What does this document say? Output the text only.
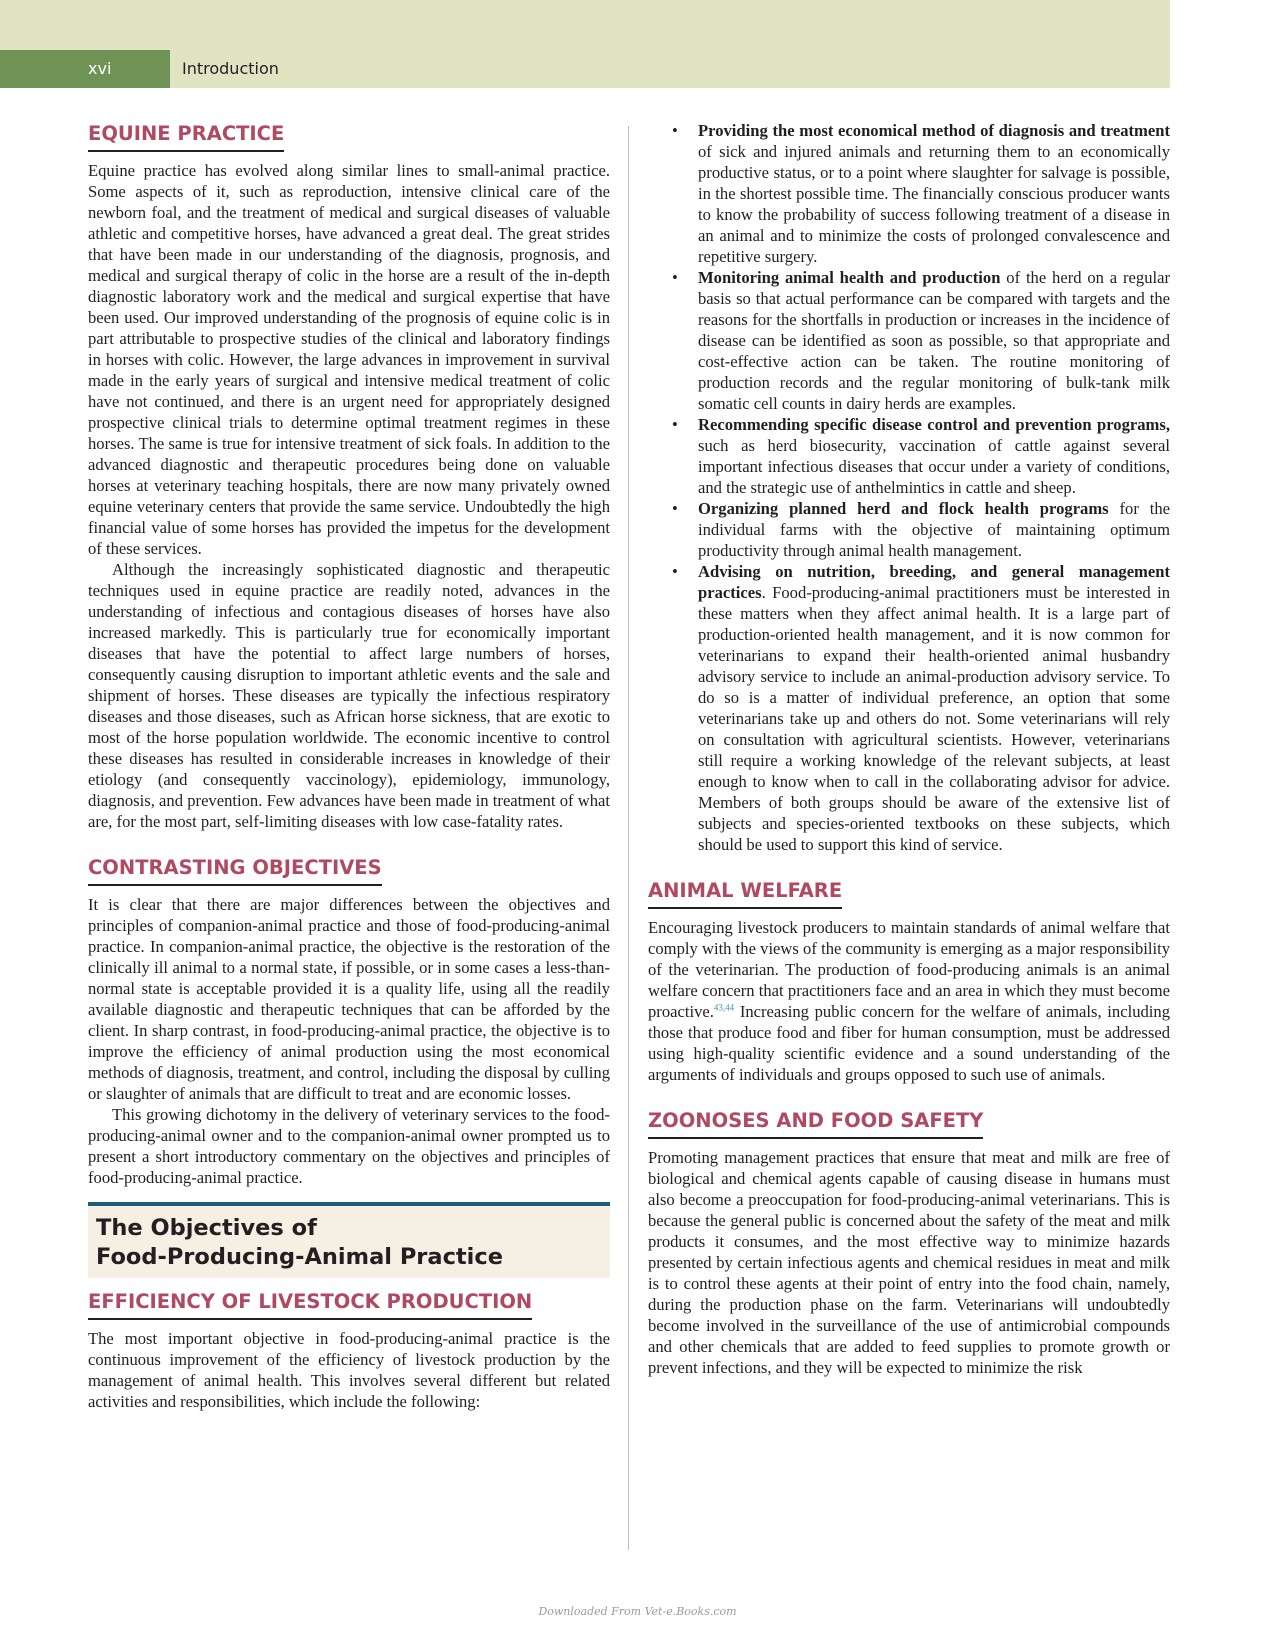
xvi	Introduction
EQUINE PRACTICE

Equine practice has evolved along similar lines to small-animal practice. Some aspects of it, such as reproduction, intensive clinical care of the newborn foal, and the treatment of medical and surgical diseases of valuable athletic and competitive horses, have advanced a great deal. The great strides that have been made in our understanding of the diagnosis, prognosis, and medical and surgical therapy of colic in the horse are a result of the in-depth diagnostic laboratory work and the medical and surgical expertise that have been used. Our improved understanding of the prognosis of equine colic is in part attributable to prospective studies of the clinical and laboratory findings in horses with colic. However, the large advances in improvement in survival made in the early years of surgical and intensive medical treatment of colic have not continued, and there is an urgent need for appropriately designed prospective clinical trials to determine optimal treatment regimes in these horses. The same is true for intensive treatment of sick foals. In addition to the advanced diagnostic and therapeutic procedures being done on valuable horses at veterinary teaching hospitals, there are now many privately owned equine veterinary centers that provide the same service. Undoubtedly the high financial value of some horses has provided the impetus for the development of these services.

Although the increasingly sophisticated diagnostic and therapeutic techniques used in equine practice are readily noted, advances in the understanding of infectious and contagious diseases of horses have also increased markedly. This is particularly true for economically important diseases that have the potential to affect large numbers of horses, consequently causing disruption to important athletic events and the sale and shipment of horses. These diseases are typically the infectious respiratory diseases and those diseases, such as African horse sickness, that are exotic to most of the horse population worldwide. The economic incentive to control these diseases has resulted in considerable increases in knowledge of their etiology (and consequently vaccinology), epidemiology, immunology, diagnosis, and prevention. Few advances have been made in treatment of what are, for the most part, self-limiting diseases with low case-fatality rates.

CONTRASTING OBJECTIVES

It is clear that there are major differences between the objectives and principles of companion-animal practice and those of food-producing-animal practice. In companion-animal practice, the objective is the restoration of the clinically ill animal to a normal state, if possible, or in some cases a less-than-normal state is acceptable provided it is a quality life, using all the readily available diagnostic and therapeutic techniques that can be afforded by the client. In sharp contrast, in food-producing-animal practice, the objective is to improve the efficiency of animal production using the most economical methods of diagnosis, treatment, and control, including the disposal by culling or slaughter of animals that are difficult to treat and are economic losses.

This growing dichotomy in the delivery of veterinary services to the food-producing-animal owner and to the companion-animal owner prompted us to present a short introductory commentary on the objectives and principles of food-producing-animal practice.

The Objectives of
Food-Producing-Animal Practice
EFFICIENCY OF LIVESTOCK PRODUCTION

The most important objective in food-producing-animal practice is the continuous improvement of the efficiency of livestock production by the management of animal health. This involves several different but related activities and responsibilities, which include the following:

• Providing the most economical method of diagnosis and treatment of sick and injured animals and returning them to an economically productive status, or to a point where slaughter for salvage is possible, in the shortest possible time. The financially conscious producer wants to know the probability of success following treatment of a disease in an animal and to minimize the costs of prolonged convalescence and repetitive surgery.
• Monitoring animal health and production of the herd on a regular basis so that actual performance can be compared with targets and the reasons for the shortfalls in production or increases in the incidence of disease can be identified as soon as possible, so that appropriate and cost-effective action can be taken. The routine monitoring of production records and the regular monitoring of bulk-tank milk somatic cell counts in dairy herds are examples.
• Recommending specific disease control and prevention programs, such as herd biosecurity, vaccination of cattle against several important infectious diseases that occur under a variety of conditions, and the strategic use of anthelmintics in cattle and sheep.
• Organizing planned herd and flock health programs for the individual farms with the objective of maintaining optimum productivity through animal health management.
• Advising on nutrition, breeding, and general management practices. Food-producing-animal practitioners must be interested in these matters when they affect animal health. It is a large part of production-oriented health management, and it is now common for veterinarians to expand their health-oriented animal husbandry advisory service to include an animal-production advisory service. To do so is a matter of individual preference, an option that some veterinarians take up and others do not. Some veterinarians will rely on consultation with agricultural scientists. However, veterinarians still require a working knowledge of the relevant subjects, at least enough to know when to call in the collaborating advisor for advice. Members of both groups should be aware of the extensive list of subjects and species-oriented textbooks on these subjects, which should be used to support this kind of service.
ANIMAL WELFARE

Encouraging livestock producers to maintain standards of animal welfare that comply with the views of the community is emerging as a major responsibility of the veterinarian. The production of food-producing animals is an animal welfare concern that practitioners face and an area in which they must become proactive.$^{43,44}$ Increasing public concern for the welfare of animals, including those that produce food and fiber for human consumption, must be addressed using high-quality scientific evidence and a sound understanding of the arguments of individuals and groups opposed to such use of animals.

ZOONOSES AND FOOD SAFETY

Promoting management practices that ensure that meat and milk are free of biological and chemical agents capable of causing disease in humans must also become a preoccupation for food-producing-animal veterinarians. This is because the general public is concerned about the safety of the meat and milk products it consumes, and the most effective way to minimize hazards presented by certain infectious agents and chemical residues in meat and milk is to control these agents at their point of entry into the food chain, namely, during the production phase on the farm. Veterinarians will undoubtedly become involved in the surveillance of the use of antimicrobial compounds and other chemicals that are added to feed supplies to promote growth or prevent infections, and they will be expected to minimize the risk

Downloaded From Vet-e.Books.com
